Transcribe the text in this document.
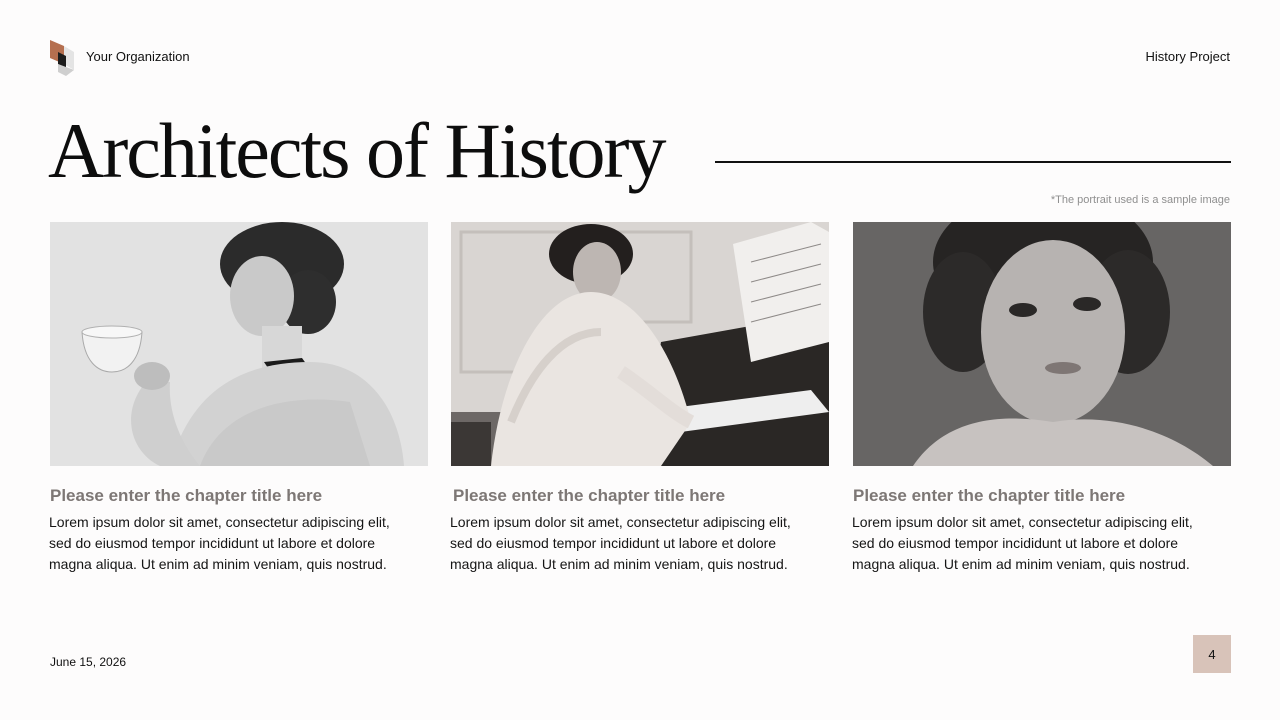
Your Organization	History Project
Architects of History
*The portrait used is a sample image
Please enter the chapter title here
Lorem ipsum dolor sit amet, consectetur adipiscing elit, sed do eiusmod tempor incididunt ut labore et dolore magna aliqua. Ut enim ad minim veniam, quis nostrud.
Please enter the chapter title here
Lorem ipsum dolor sit amet, consectetur adipiscing elit, sed do eiusmod tempor incididunt ut labore et dolore magna aliqua. Ut enim ad minim veniam, quis nostrud.
Please enter the chapter title here
Lorem ipsum dolor sit amet, consectetur adipiscing elit, sed do eiusmod tempor incididunt ut labore et dolore magna aliqua. Ut enim ad minim veniam, quis nostrud.
June 15, 2026
4
